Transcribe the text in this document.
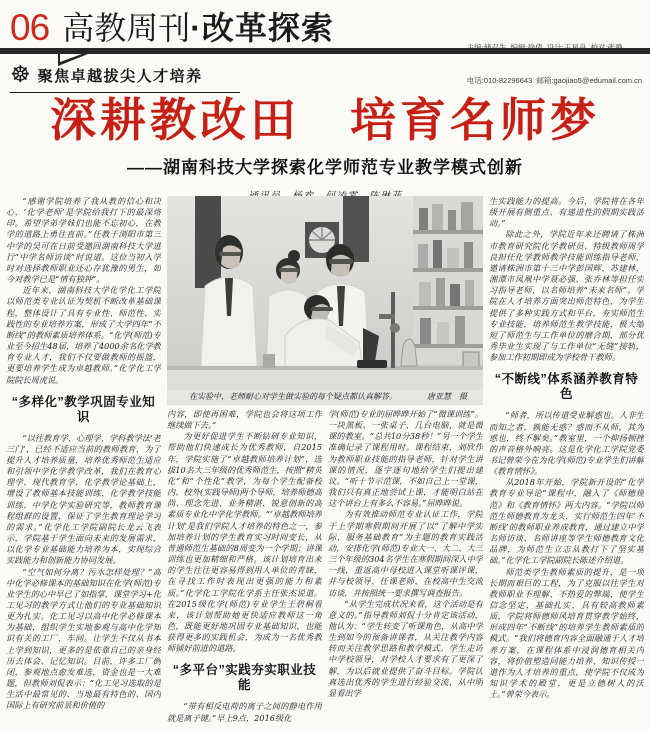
06 高教周刊·改革探索

电话:010-82296643  邮箱:gaojiao5@edumail.com.cn

☸ 聚焦卓越拔尖人才培养
深耕教改田　培育名师梦
——湖南科技大学探索化学师范专业教学模式创新
在实验中，老师耐心对学生做实验的每个疑点都认真解答。	唐亚慧　摄

“感谢学院培养了我从教的信心和决心，‘化学老师’是学院给我打下的最深烙印。希望学弟学妹们也能不忘初心，在教学的道路上勇往直前。”任教于浏阳市第三中学的吴可在日前受邀回湖南科技大学进行“中学名师访谈”时说道。这位当初入学时对选择教师职业还心存犹豫的男生，如今对教学已是“情有独钟”。

近年来，湖南科技大学化学化工学院以师范类专业认证为契机不断改革基础课程，整体设计了具有专业性、师范性、实践性的专业培养方案，形成了大学四年“不断线”的教师素质培养体系。“化学(师范)专业至今招生48届，培养了4000余名化学教育专业人才，我们不仅要做教师的摇篮，更要培养学生成为卓越教师。”化学化工学院院长周虎说。

“多样化”教学巩固专业知识

“以往教育学、心理学、学科教学法‘老三门’，已经不适应当前的教师教育，为了提升人才培养质量，培养优秀师范生适应和引领中学化学教学改革，我们在教育心理学、现代教育学、化学教学论基础上，增设了教师基本技能训练、化学教学技能训练、中学化学实验研究等，教师教育课程组群的设置，保证了学生教育理论学习的需求。”化学化工学院副院长龙云飞表示，学院基于学生面向未来的发展需求，以化学专业基础能力培养为本，实现综合实践能力和创新能力协同发展。

“空气如何分离？污水怎样处理？”高中化学必修课本的基础知识在化学(师范)专业学生的心中早已了如指掌，课堂学习+化工见习的教学方式让他们的专业基础知识更为扎实。化工见习以高中化学必修课本为基础，组织学生实地参观与高中化学知识有关的工厂、车间。让学生不仅从书本上学到知识，更多的是依靠自己的亲身经历去体会、记忆知识。目前，许多工厂倒闭，参观地点愈发难选，资金也是一大难题，但教师刘侃表示：“化工见习选取的是生活中最常见的、当地最有特色的、国内国际上有研究前景和价值的

内容，即使再困难，学院也会将这项工作继续做下去。”

为更好促进学生不断钻研专业知识，帮助他们快速成长为优秀教师，自2015年，学院实施了“卓越教师培养计划”，选拔10名大三年级的优秀师范生，按照“精英化”和“个性化”教学，为每个学生配备校内、校外(实践导师)两个导师，培养师德高尚、理念先进、业务精湛、锐意创新的高素质专业化中学化学教师。“‘卓越教师培养计划’是我们学院人才培养的特色之一，参加培养计划的学生教育实习时间变长，从普通师范生基础的8周变为一个学期；讲课训练也更加精细和严格。该计划培育出来的学生往往更容易得到用人单位的青睐，在寻找工作时表现出更强的能力和素质。”化学化工学院化学系主任张杰说道。在2015级化学(师范)专业学生王碧桐看来，该计划帮助她更快适应教师这一角色，既能更好地巩固专业基础知识，也能获得更多的实践机会，为成为一名优秀教师铺好前进的道路。

“多平台”实践夯实职业技能

“带有相反电荷的离子之间的静电作用就是离子键。”早上9点，2016级化

学(师范)专业的屈晔晔开始了“微课训练”。一块黑板、一张桌子、几台电脑，就是微课的教室。“总共10分38秒！”另一个学生准确记录了课程用时。课程结束，刘欣作为教师职业技能的指导老师，针对学生讲课的情况，逐字逐句地给学生们提出建议。“听十节示范课，不如自己上一堂课，我们只有真正地尝试上课，才能明白站在这个讲台上有多么不容易。”屈晔晔说。

为有效推动师范专业认证工作，学院于上学期寒假期间开展了以“了解中学实际，服务基础教育”为主题的教育实践活动，安排化学(师范)专业大一、大二、大三三个年级的304名学生在寒假期间深入中学一线，重返高中母校进入课堂听课评课，并与校领导、任课老师、在校高中生交流访谈，并按照统一要求撰写调查报告。

“从学生完成状况来看，这个活动是有意义的。”指导教师刘侃十分肯定该活动，他认为：“学生转变了听课角色，从高中学生到如今的预备讲课者，从关注教学内容转而关注教学思路和教学模式。学生走访中学校领导，对学校人才要求有了更深了解，为以后就业提供了奋斗目标。学院认真选出优秀的学生进行经验交流，从中明显看出学

生实践能力的提高。今后，学院将在各年级开展有侧重点、有递进性的假期实践活动。”

除此之外，学院近年来还聘请了株洲市教育研究院化学教研员、特级教师周学良担任化学教师教学技能训练指导老师，邀请株洲市第十三中学彭国辉、苏建林，湘潭市凤凰中学聂必强、张乔林等担任实习指导老师，以名师培养“未来名师”。学院在人才培养方面突出师范特色，为学生提供了多种实践方式和平台，夯实师范生专业技能，培养师范生教学技能，极大缩短了师范生与工作单位的磨合期，部分优秀毕业生实现了与工作单位“无缝”接轨，参加工作初期即成为学校骨干教师。

“不断线”体系涵养教育特色

“师者，所以传道受业解惑也。人非生而知之者，孰能无惑？惑而不从师，其为惑也，终不解矣。”教室里，一个抑扬顿挫的声音格外响亮。这是化学化工学院党委书记曾荣今在为化学(师范)专业学生们讲解《教育情怀》。

从2018年开始，学院新开设的“化学教育专业导论”课程中，融入了《师德规范》和《教育情怀》两大内容。“学院以师范生师德教育为龙头，实行师范生四年‘不断线’的教师职业养成教育，通过建立中学名师访谈、名师讲座等学生师德教育文化品牌，为师范生立志从教打下了坚实基础。”化学化工学院副院长陈述介绍道。

师范类学生教师素质的提升，是一项长期而艰巨的工程，为了克服以往学生对教师职业不理解、不热爱的弊端，使学生信念坚定，基础扎实，具有较高教师素质，学院将师德师风培育贯穿教学始终，形成四年“不断线”的培养学生教师素质的模式。“我们将德育内容全面融通于人才培养方案，在课程体系中浸润德育相关内容，将价值塑造同能力培养、知识传授一道作为人才培养的重点，使学院不仅成为知识学术的殿堂，更是立德树人的沃土。”曾荣今表示。
